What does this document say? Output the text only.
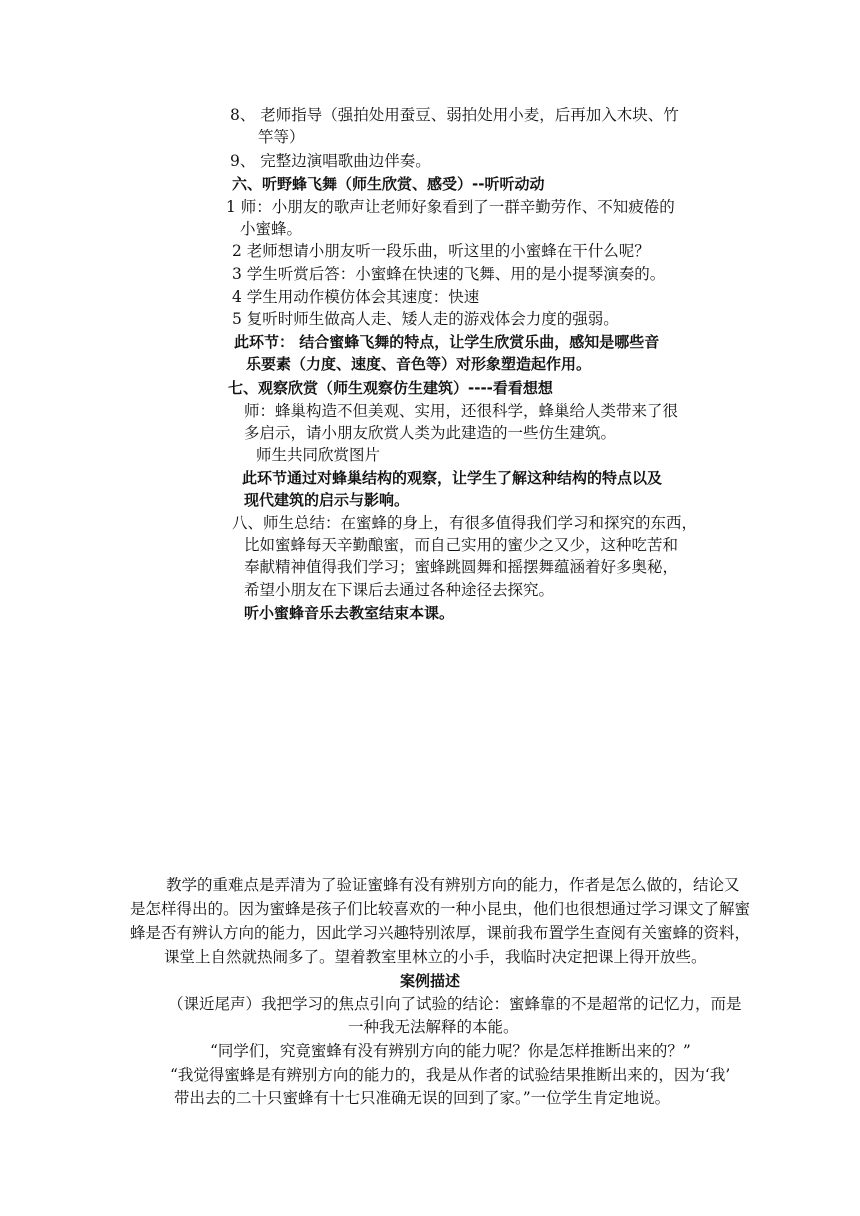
8、 老师指导（强拍处用蚕豆、弱拍处用小麦，后再加入木块、竹
竿等）
9、 完整边演唱歌曲边伴奏。
六、听野蜂飞舞（师生欣赏、感受）--听听动动
1 师：小朋友的歌声让老师好象看到了一群辛勤劳作、不知疲倦的
小蜜蜂。
2 老师想请小朋友听一段乐曲，听这里的小蜜蜂在干什么呢？
3 学生听赏后答：小蜜蜂在快速的飞舞、用的是小提琴演奏的。
4 学生用动作模仿体会其速度：快速
5 复听时师生做高人走、矮人走的游戏体会力度的强弱。
此环节： 结合蜜蜂飞舞的特点，让学生欣赏乐曲，感知是哪些音
乐要素（力度、速度、音色等）对形象塑造起作用。
七、观察欣赏（师生观察仿生建筑）----看看想想
师：蜂巢构造不但美观、实用，还很科学，蜂巢给人类带来了很
多启示，请小朋友欣赏人类为此建造的一些仿生建筑。
师生共同欣赏图片
此环节通过对蜂巢结构的观察，让学生了解这种结构的特点以及
现代建筑的启示与影响。
八、师生总结：在蜜蜂的身上，有很多值得我们学习和探究的东西，
比如蜜蜂每天辛勤酿蜜，而自己实用的蜜少之又少，这种吃苦和
奉献精神值得我们学习；蜜蜂跳圆舞和摇摆舞蕴涵着好多奥秘，
希望小朋友在下课后去通过各种途径去探究。
听小蜜蜂音乐去教室结束本课。
教学的重难点是弄清为了验证蜜蜂有没有辨别方向的能力，作者是怎么做的，结论又
是怎样得出的。因为蜜蜂是孩子们比较喜欢的一种小昆虫，他们也很想通过学习课文了解蜜
蜂是否有辨认方向的能力，因此学习兴趣特别浓厚，课前我布置学生查阅有关蜜蜂的资料，
课堂上自然就热闹多了。望着教室里林立的小手，我临时决定把课上得开放些。
案例描述
（课近尾声）我把学习的焦点引向了试验的结论：蜜蜂靠的不是超常的记忆力，而是
一种我无法解释的本能。
“同学们，究竟蜜蜂有没有辨别方向的能力呢？你是怎样推断出来的？”
“我觉得蜜蜂是有辨别方向的能力的，我是从作者的试验结果推断出来的，因为‘我’
带出去的二十只蜜蜂有十七只准确无误的回到了家。”一位学生肯定地说。
